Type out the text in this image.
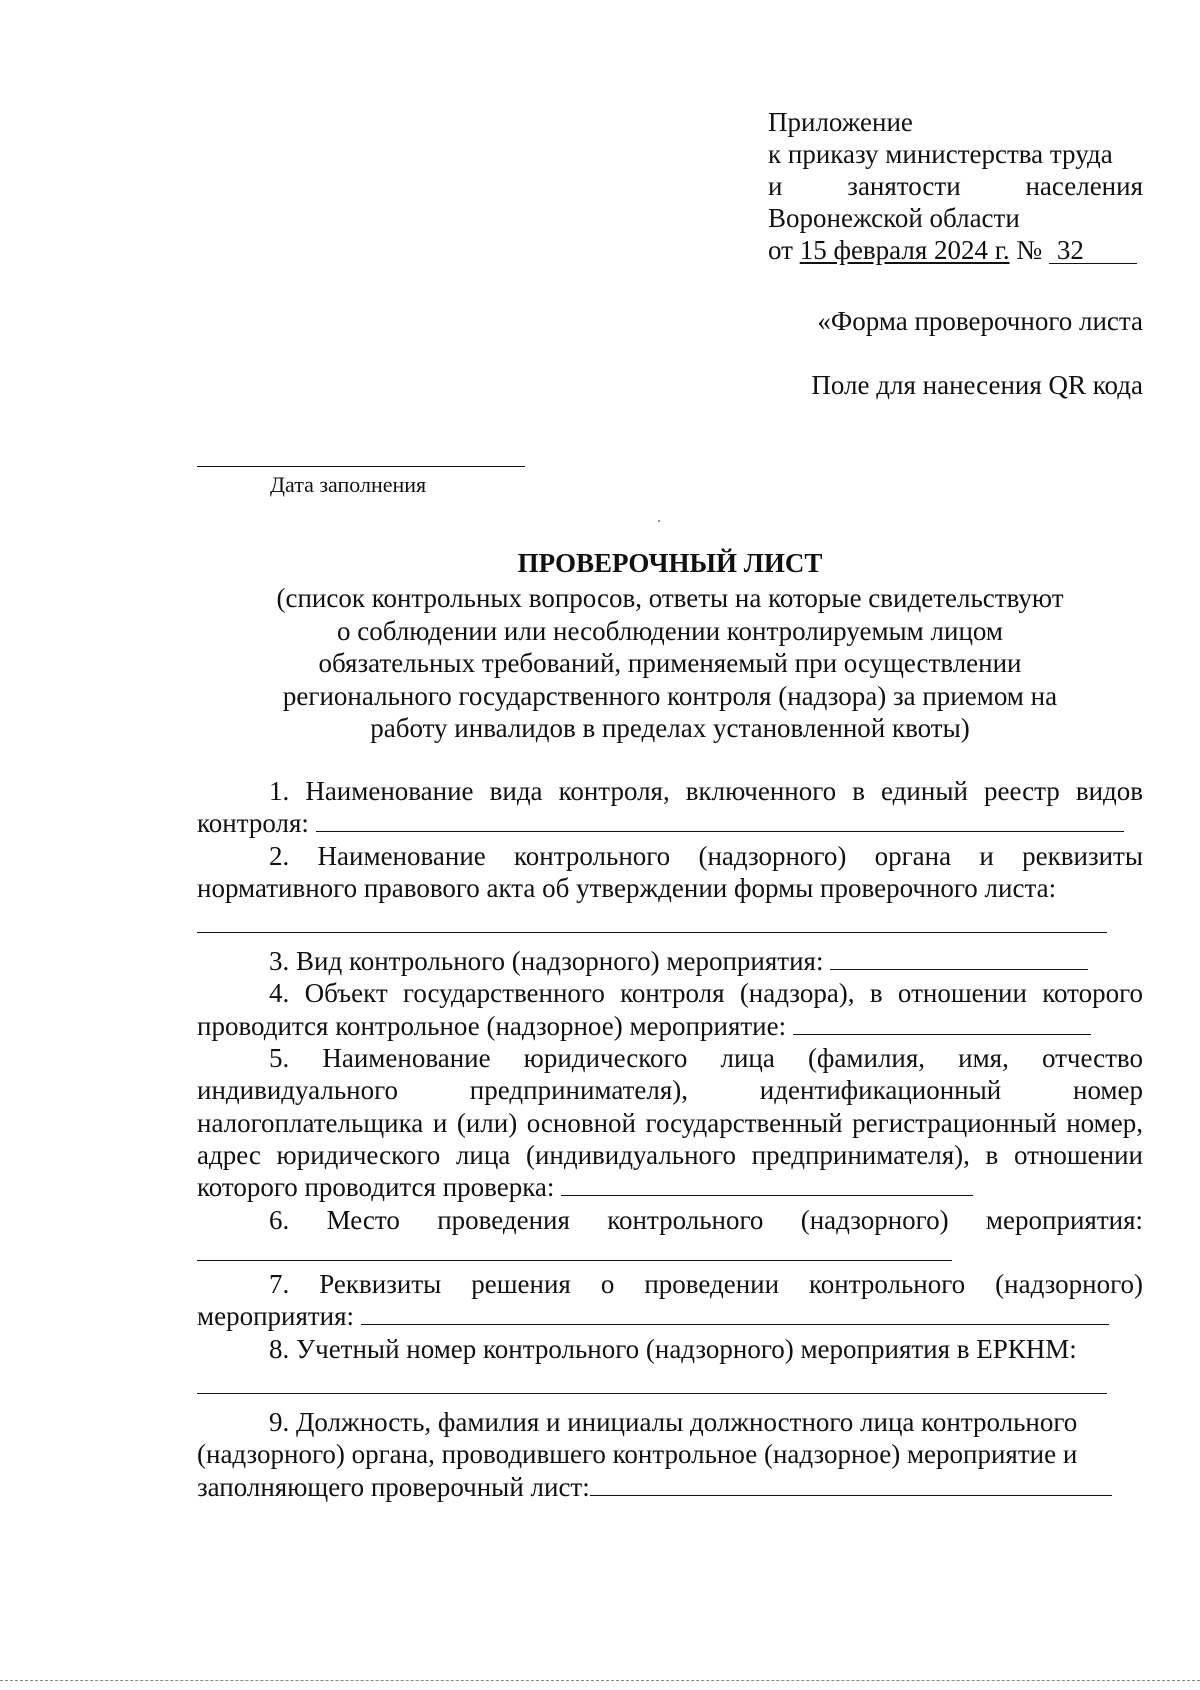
Приложение
к приказу министерства труда
и занятости населения
Воронежской области
от 15 февраля 2024 г. № 32
«Форма проверочного листа
Поле для нанесения QR кода
Дата заполнения
ПРОВЕРОЧНЫЙ ЛИСТ
(список контрольных вопросов, ответы на которые свидетельствуют
о соблюдении или несоблюдении контролируемым лицом
обязательных требований, применяемый при осуществлении
регионального государственного контроля (надзора) за приемом на
работу инвалидов в пределах установленной квоты)

1. Наименование вида контроля, включенного в единый реестр видов контроля:

2. Наименование контрольного (надзорного) органа и реквизиты нормативного правового акта об утверждении формы проверочного листа:

3. Вид контрольного (надзорного) мероприятия:

4. Объект государственного контроля (надзора), в отношении которого проводится контрольное (надзорное) мероприятие:

5. Наименование юридического лица (фамилия, имя, отчество индивидуального предпринимателя), идентификационный номер налогоплательщика и (или) основной государственный регистрационный номер, адрес юридического лица (индивидуального предпринимателя), в отношении которого проводится проверка:

6. Место проведения контрольного (надзорного) мероприятия:

7. Реквизиты решения о проведении контрольного (надзорного) мероприятия:

8. Учетный номер контрольного (надзорного) мероприятия в ЕРКНМ:

9. Должность, фамилия и инициалы должностного лица контрольного (надзорного) органа, проводившего контрольное (надзорное) мероприятие и заполняющего проверочный лист:
